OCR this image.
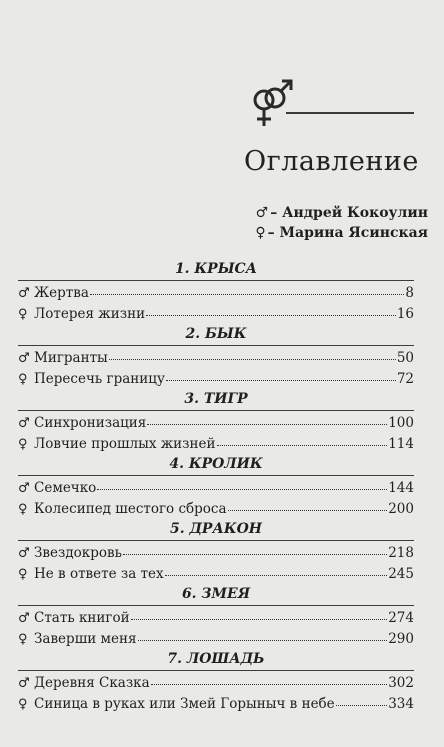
Оглавление
♂ – Андрей Кокоулин
♀ – Марина Ясинская
1. КРЫСА
♂ Жертва	8
♀ Лотерея жизни	16
2. БЫК
♂ Мигранты	50
♀ Пересечь границу	72
3. ТИГР
♂ Синхронизация	100
♀ Ловчие прошлых жизней	114
4. КРОЛИК
♂ Семечко	144
♀ Колесипед шестого сброса	200
5. ДРАКОН
♂ Звездокровь	218
♀ Не в ответе за тех	245
6. ЗМЕЯ
♂ Стать книгой	274
♀ Заверши меня	290
7. ЛОШАДЬ
♂ Деревня Сказка	302
♀ Синица в руках или Змей Горыныч в небе	334
